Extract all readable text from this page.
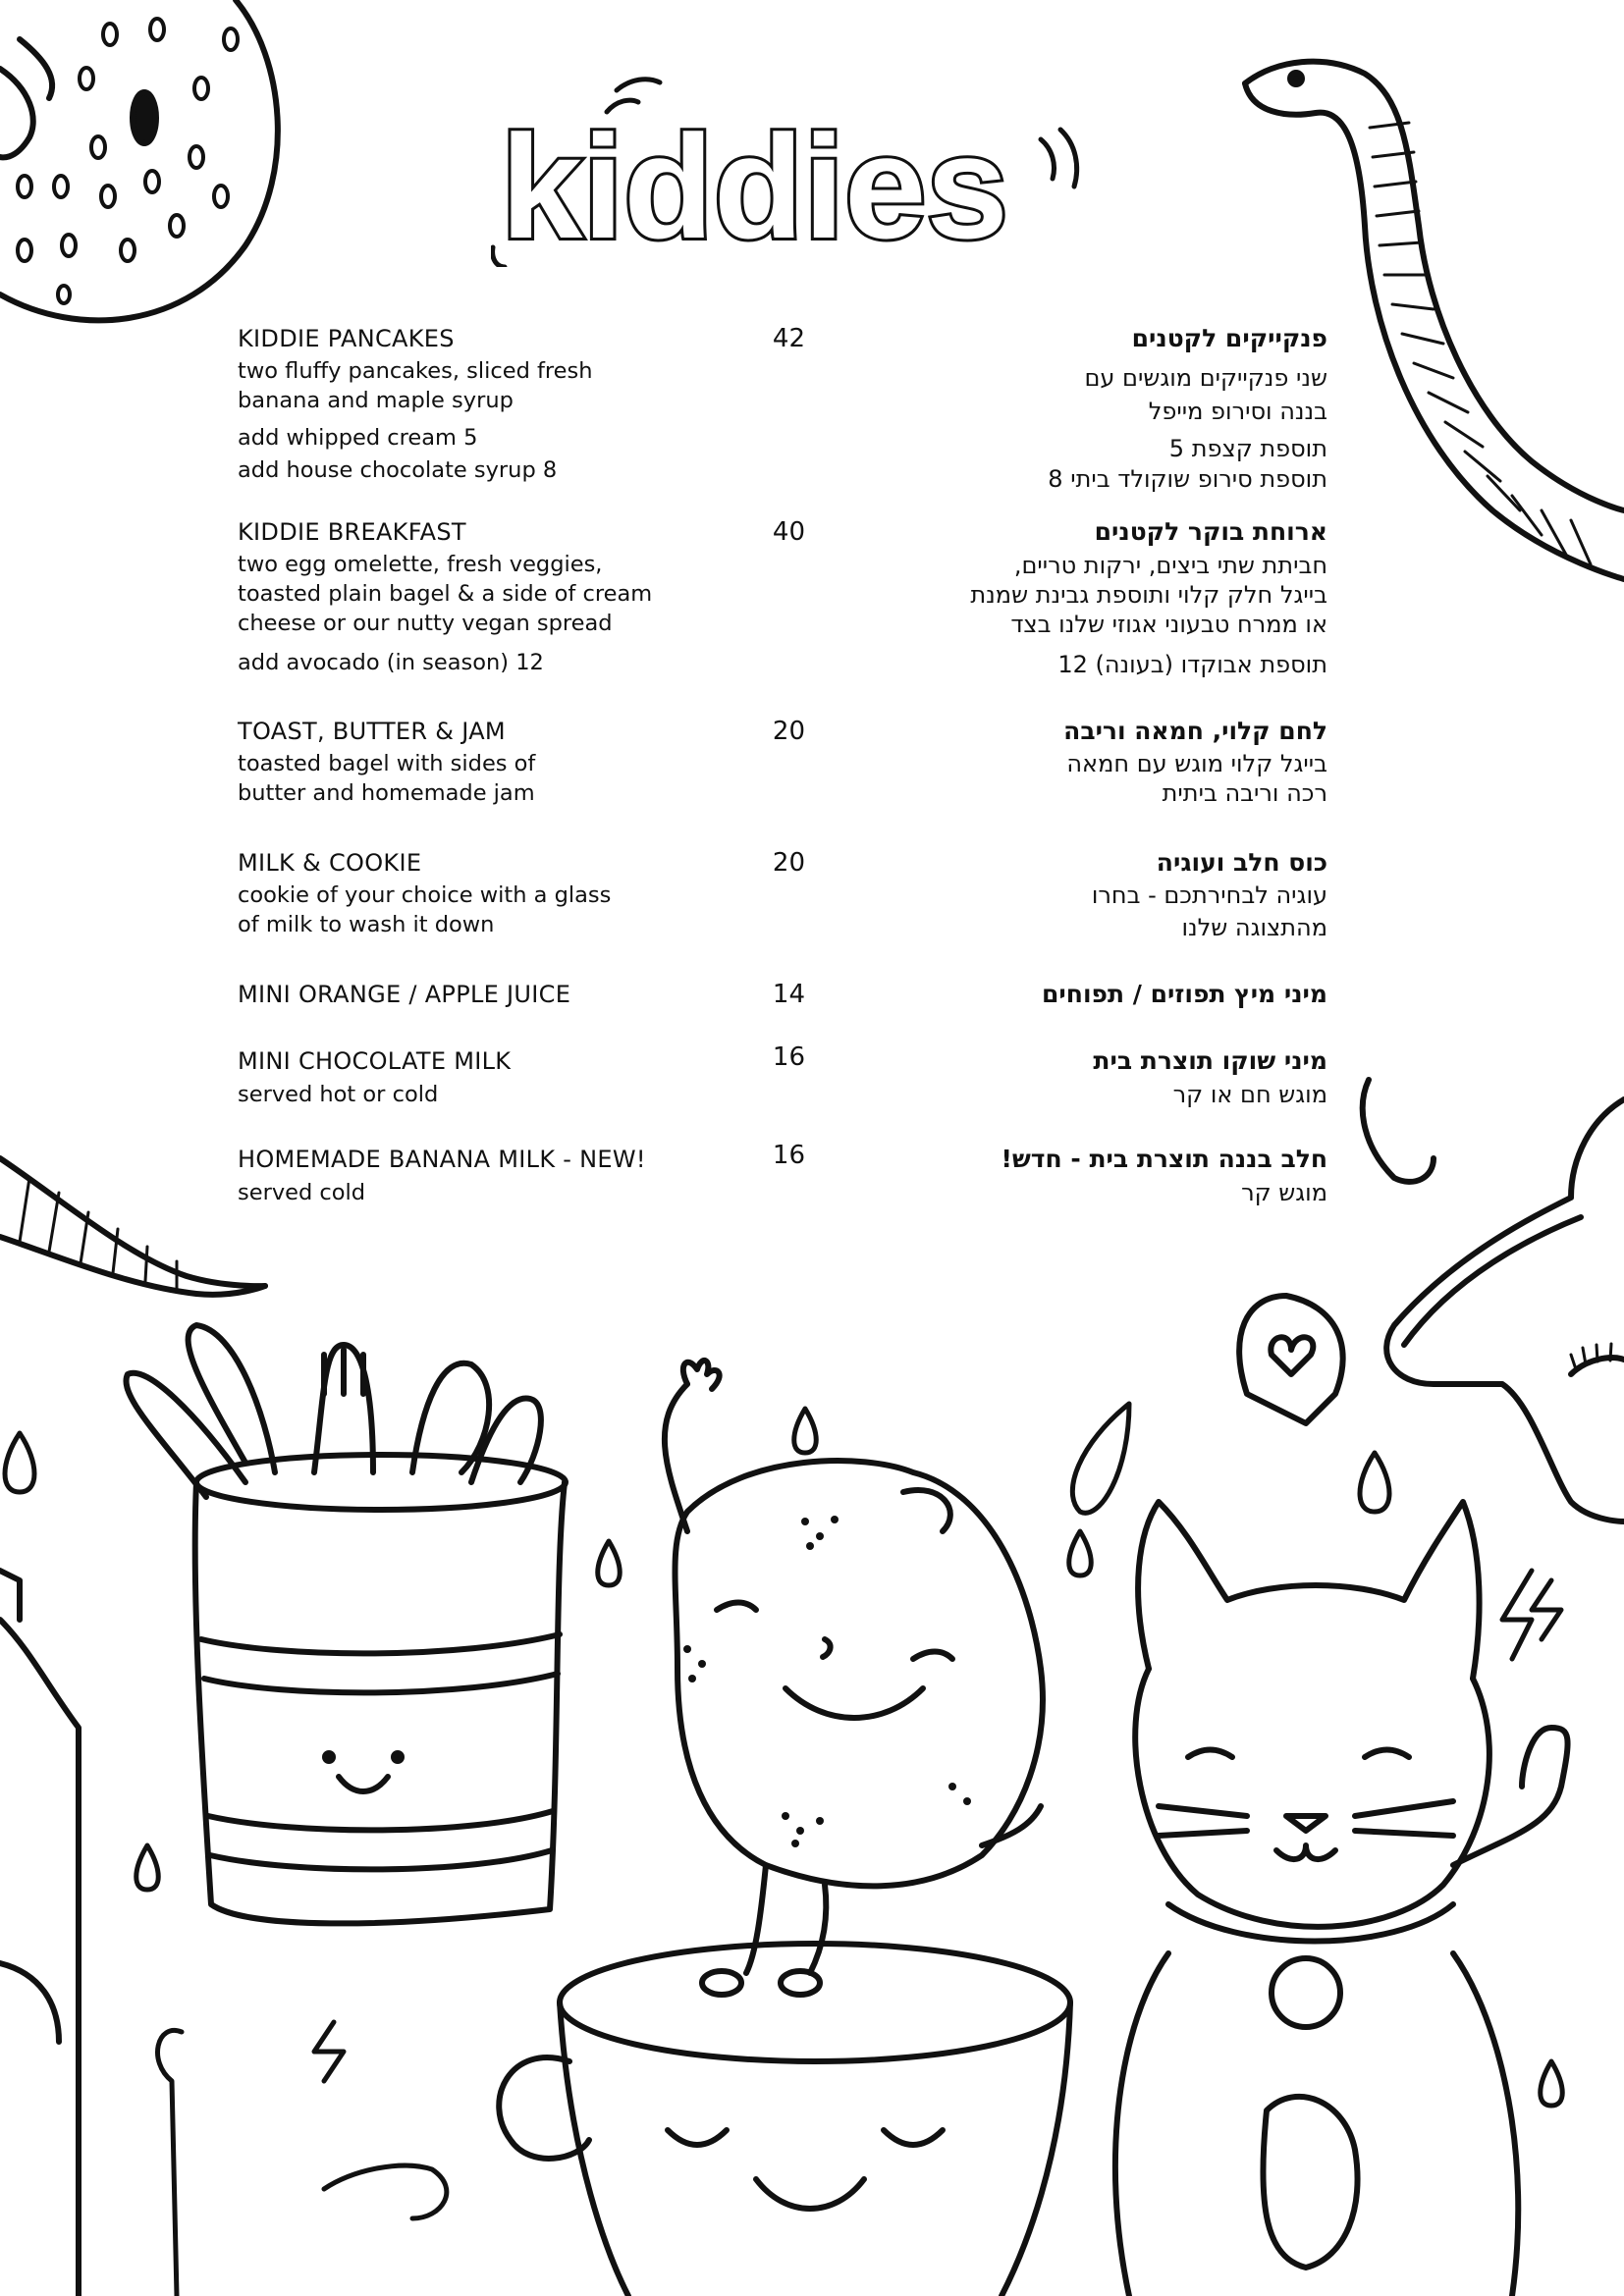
kiddies
KIDDIE PANCAKES	42	פנקייקים לקטנים
two fluffy pancakes, sliced fresh
banana and maple syrup
add whipped cream 5
add house chocolate syrup 8
שני פנקייקים מוגשים עם
בננה וסירופ מייפל
תוספת קצפת 5
תוספת סירופ שוקולד ביתי 8
KIDDIE BREAKFAST	40	ארוחת בוקר לקטנים
two egg omelette, fresh veggies,
toasted plain bagel & a side of cream
cheese or our nutty vegan spread
add avocado (in season) 12
חביתת שתי ביצים, ירקות טריים,
בייגל חלק קלוי ותוספת גבינת שמנת
או ממרח טבעוני אגוזי שלנו בצד
תוספת אבוקדו (בעונה) 12
TOAST, BUTTER & JAM	20	לחם קלוי, חמאה וריבה
toasted bagel with sides of
butter and homemade jam
בייגל קלוי מוגש עם חמאה
רכה וריבה ביתית
MILK & COOKIE	20	כוס חלב ועוגיה
cookie of your choice with a glass
of milk to wash it down
עוגיה לבחירתכם - בחרו
מהתצוגה שלנו
MINI ORANGE / APPLE JUICE	14	מיני מיץ תפוזים / תפוחים
MINI CHOCOLATE MILK	16	מיני שוקו תוצרת בית
served hot or cold	מוגש חם או קר
HOMEMADE BANANA MILK - NEW!	16	חלב בננה תוצרת בית - חדש!
served cold	מוגש קר
